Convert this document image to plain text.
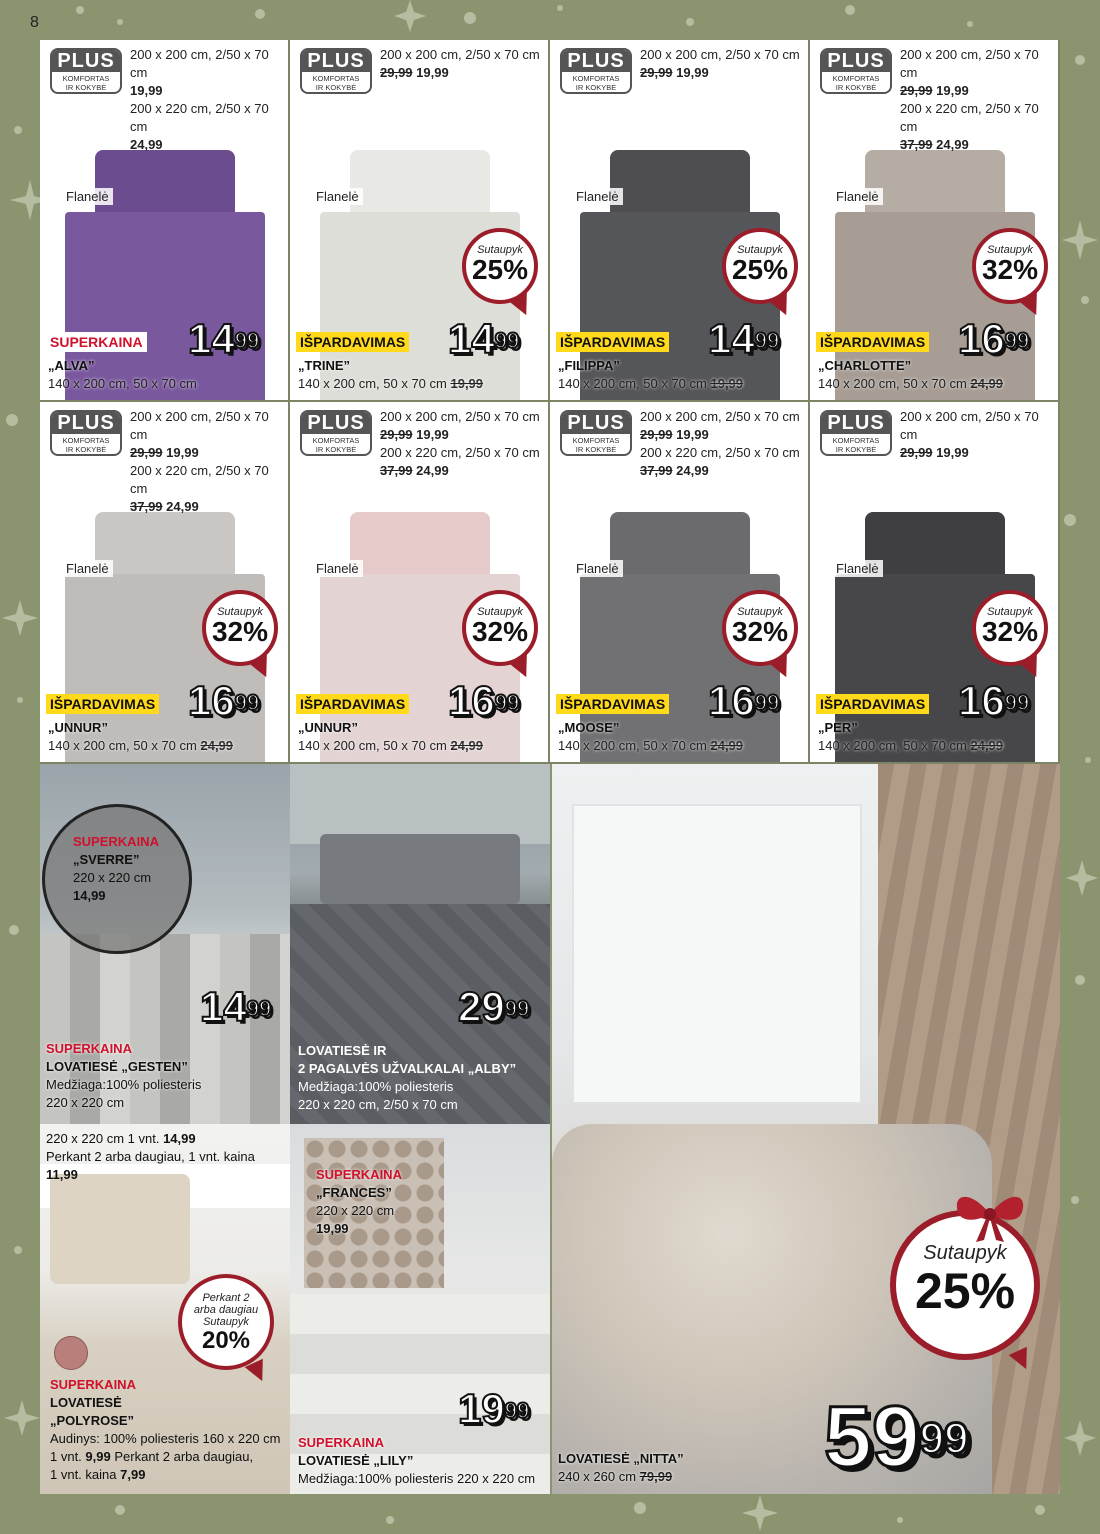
8
PLUS
KOMFORTAS
IR KOKYBĖ
200 x 200 cm, 2/50 x 70 cm
19,99
200 x 220 cm, 2/50 x 70 cm
24,99
Flanelė
SUPERKAINA $14^{99}$
„ALVA”
140 x 200 cm, 50 x 70 cm
PLUS
KOMFORTAS
IR KOKYBĖ
200 x 200 cm, 2/50 x 70 cm
29,99 19,99
Flanelė
Sutaupyk
25%
IŠPARDAVIMAS $14^{99}$
„TRINE”
140 x 200 cm, 50 x 70 cm 19,99
PLUS
KOMFORTAS
IR KOKYBĖ
200 x 200 cm, 2/50 x 70 cm
29,99 19,99
Flanelė
Sutaupyk
25%
IŠPARDAVIMAS $14^{99}$
„FILIPPA”
140 x 200 cm, 50 x 70 cm 19,99
PLUS
KOMFORTAS
IR KOKYBĖ
200 x 200 cm, 2/50 x 70 cm
29,99 19,99
200 x 220 cm, 2/50 x 70 cm
37,99 24,99
Flanelė
Sutaupyk
32%
IŠPARDAVIMAS $16^{99}$
„CHARLOTTE”
140 x 200 cm, 50 x 70 cm 24,99
PLUS
KOMFORTAS
IR KOKYBĖ
200 x 200 cm, 2/50 x 70 cm
29,99 19,99
200 x 220 cm, 2/50 x 70 cm
37,99 24,99
Flanelė
Sutaupyk
32%
IŠPARDAVIMAS $16^{99}$
„UNNUR”
140 x 200 cm, 50 x 70 cm 24,99
PLUS
KOMFORTAS
IR KOKYBĖ
200 x 200 cm, 2/50 x 70 cm
29,99 19,99
200 x 220 cm, 2/50 x 70 cm
37,99 24,99
Flanelė
Sutaupyk
32%
IŠPARDAVIMAS $16^{99}$
„UNNUR”
140 x 200 cm, 50 x 70 cm 24,99
PLUS
KOMFORTAS
IR KOKYBĖ
200 x 200 cm, 2/50 x 70 cm
29,99 19,99
200 x 220 cm, 2/50 x 70 cm
37,99 24,99
Flanelė
Sutaupyk
32%
IŠPARDAVIMAS $16^{99}$
„MOOSE”
140 x 200 cm, 50 x 70 cm 24,99
PLUS
KOMFORTAS
IR KOKYBĖ
200 x 200 cm, 2/50 x 70 cm
29,99 19,99
Flanelė
Sutaupyk
32%
IŠPARDAVIMAS $16^{99}$
„PER”
140 x 200 cm, 50 x 70 cm 24,99
SUPERKAINA
„SVERRE”
220 x 220 cm
14,99
$14^{99}$
SUPERKAINA
LOVATIESĖ „GESTEN”
Medžiaga:100% poliesteris
220 x 220 cm
$29^{99}$
LOVATIESĖ IR
2 PAGALVĖS UŽVALKALAI „ALBY”
Medžiaga:100% poliesteris
220 x 220 cm, 2/50 x 70 cm
220 x 220 cm 1 vnt. 14,99
Perkant 2 arba daugiau, 1 vnt. kaina 11,99
Perkant 2
arba daugiau
Sutaupyk
20%
SUPERKAINA
LOVATIESĖ
„POLYROSE”
Audinys: 100% poliesteris 160 x 220 cm
1 vnt. 9,99 Perkant 2 arba daugiau,
1 vnt. kaina 7,99
SUPERKAINA
„FRANCES”
220 x 220 cm
19,99
$19^{99}$
SUPERKAINA
LOVATIESĖ „LILY”
Medžiaga:100% poliesteris 220 x 220 cm
Sutaupyk
25%
$59^{99}$
LOVATIESĖ „NITTA”
240 x 260 cm 79,99
